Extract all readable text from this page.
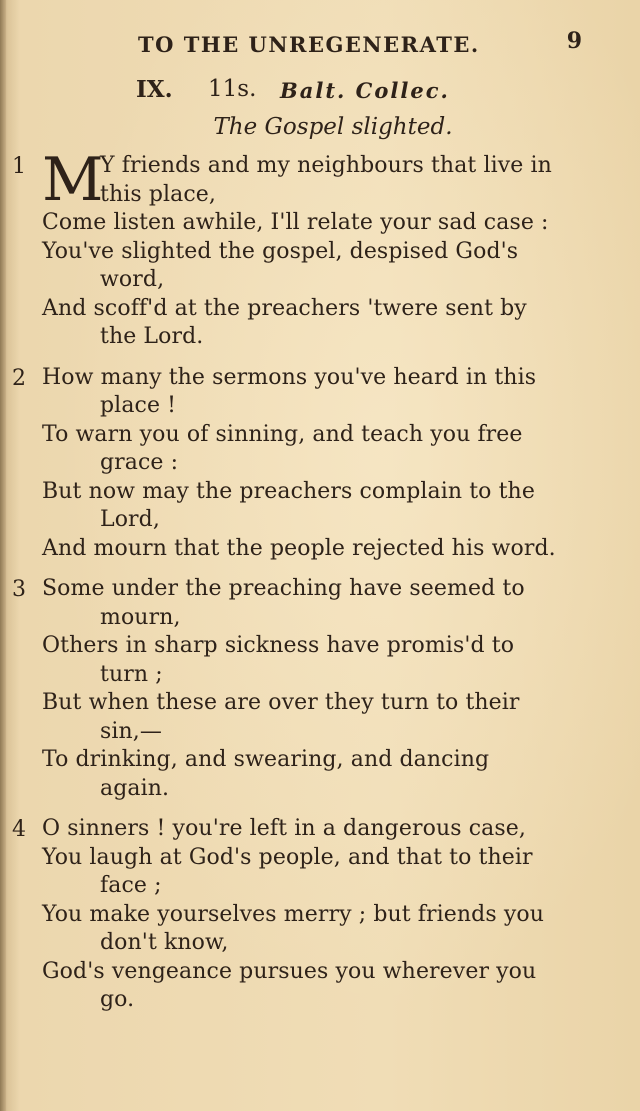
TO THE UNREGENERATE.	9
IX. 11s. Balt. Collec.
The Gospel slighted.
1 M
Y friends and my neighbours that live in
this place,
Come listen awhile, I'll relate your sad case :
You've slighted the gospel, despised God's
word,
And scoff'd at the preachers 'twere sent by
the Lord.
2 How many the sermons you've heard in this
place !
To warn you of sinning, and teach you free
grace :
But now may the preachers complain to the
Lord,
And mourn that the people rejected his word.
3 Some under the preaching have seemed to
mourn,
Others in sharp sickness have promis'd to
turn ;
But when these are over they turn to their
sin,—
To drinking, and swearing, and dancing
again.
4 O sinners ! you're left in a dangerous case,
You laugh at God's people, and that to their
face ;
You make yourselves merry ; but friends you
don't know,
God's vengeance pursues you wherever you
go.
